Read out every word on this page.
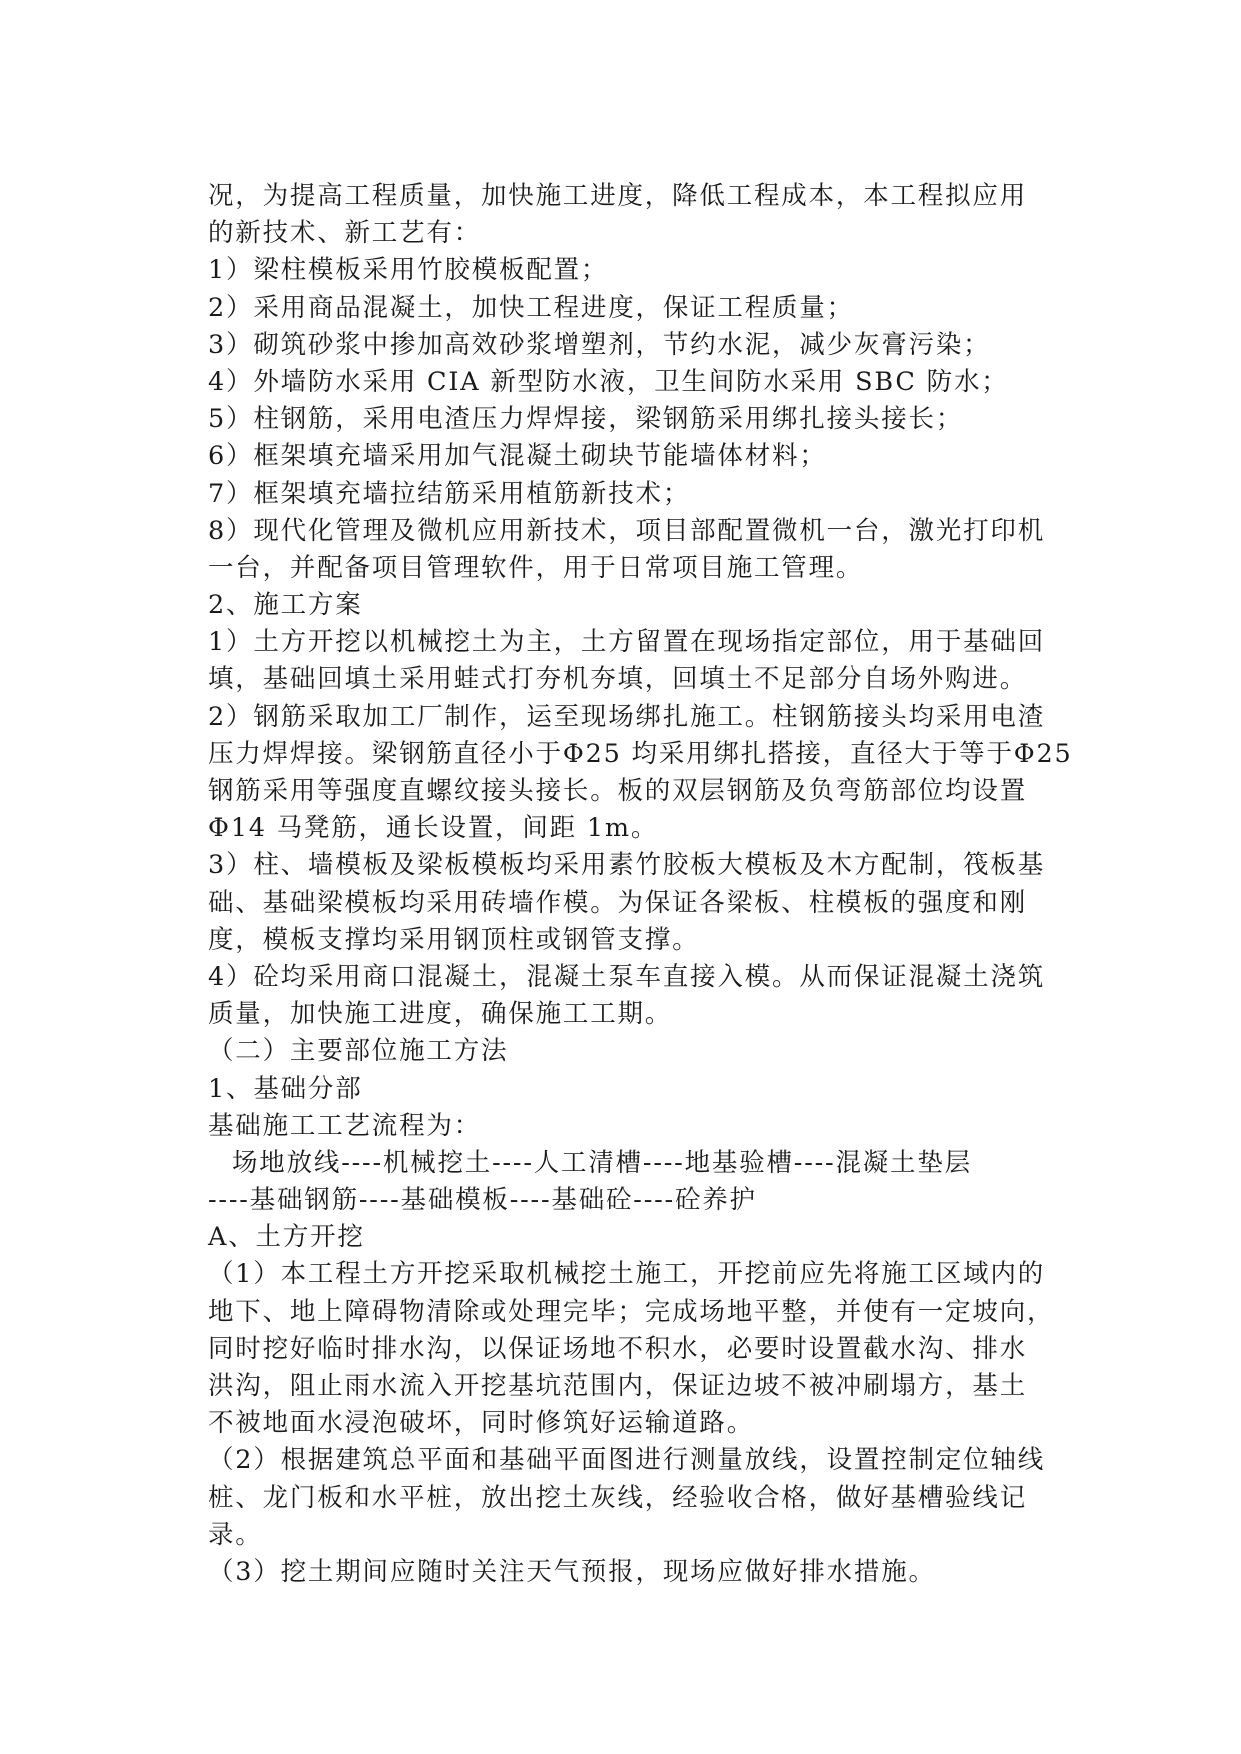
况，为提高工程质量，加快施工进度，降低工程成本，本工程拟应用
的新技术、新工艺有：
1）梁柱模板采用竹胶模板配置；
2）采用商品混凝土，加快工程进度，保证工程质量；
3）砌筑砂浆中掺加高效砂浆增塑剂，节约水泥，减少灰膏污染；
4）外墙防水采用 CIA 新型防水液，卫生间防水采用 SBC 防水；
5）柱钢筋，采用电渣压力焊焊接，梁钢筋采用绑扎接头接长；
6）框架填充墙采用加气混凝土砌块节能墙体材料；
7）框架填充墙拉结筋采用植筋新技术；
8）现代化管理及微机应用新技术，项目部配置微机一台，激光打印机
一台，并配备项目管理软件，用于日常项目施工管理。
2、施工方案
1）土方开挖以机械挖土为主，土方留置在现场指定部位，用于基础回
填，基础回填土采用蛙式打夯机夯填，回填土不足部分自场外购进。
2）钢筋采取加工厂制作，运至现场绑扎施工。柱钢筋接头均采用电渣
压力焊焊接。梁钢筋直径小于Φ25 均采用绑扎搭接，直径大于等于Φ25
钢筋采用等强度直螺纹接头接长。板的双层钢筋及负弯筋部位均设置
Φ14 马凳筋，通长设置，间距 1m。
3）柱、墙模板及梁板模板均采用素竹胶板大模板及木方配制，筏板基
础、基础梁模板均采用砖墙作模。为保证各梁板、柱模板的强度和刚
度，模板支撑均采用钢顶柱或钢管支撑。
4）砼均采用商口混凝土，混凝土泵车直接入模。从而保证混凝土浇筑
质量，加快施工进度，确保施工工期。
（二）主要部位施工方法
1、基础分部
基础施工工艺流程为：
场地放线----机械挖土----人工清槽----地基验槽----混凝土垫层
----基础钢筋----基础模板----基础砼----砼养护
A、土方开挖
（1）本工程土方开挖采取机械挖土施工，开挖前应先将施工区域内的
地下、地上障碍物清除或处理完毕；完成场地平整，并使有一定坡向，
同时挖好临时排水沟，以保证场地不积水，必要时设置截水沟、排水
洪沟，阻止雨水流入开挖基坑范围内，保证边坡不被冲刷塌方，基土
不被地面水浸泡破坏，同时修筑好运输道路。
（2）根据建筑总平面和基础平面图进行测量放线，设置控制定位轴线
桩、龙门板和水平桩，放出挖土灰线，经验收合格，做好基槽验线记
录。
（3）挖土期间应随时关注天气预报，现场应做好排水措施。
